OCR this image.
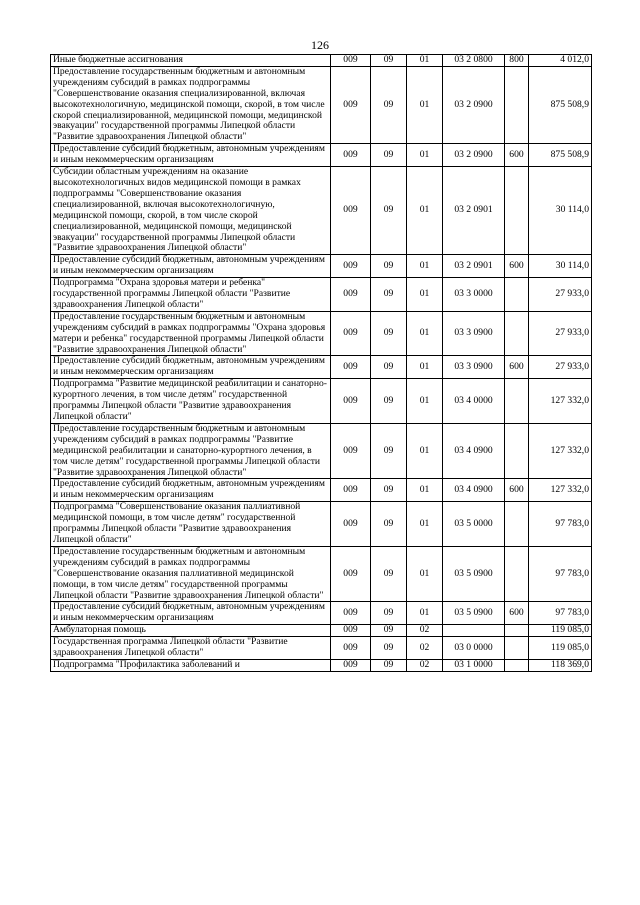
126
Иные бюджетные ассигнования	009	09	01	03 2 0800	800	4 012,0
Предоставление государственным бюджетным и автономным учреждениям субсидий в рамках подпрограммы "Совершенствование оказания специализированной, включая высокотехнологичную, медицинской помощи, скорой, в том числе скорой специализированной, медицинской помощи, медицинской эвакуации" государственной программы Липецкой области "Развитие здравоохранения Липецкой области"	009	09	01	03 2 0900		875 508,9
Предоставление субсидий бюджетным, автономным учреждениям и иным некоммерческим организациям	009	09	01	03 2 0900	600	875 508,9
Субсидии областным учреждениям на оказание высокотехнологичных видов медицинской помощи в рамках подпрограммы "Совершенствование оказания специализированной, включая высокотехнологичную, медицинской помощи, скорой, в том числе скорой специализированной, медицинской помощи, медицинской эвакуации" государственной программы Липецкой области "Развитие здравоохранения Липецкой области"	009	09	01	03 2 0901		30 114,0
Предоставление субсидий бюджетным, автономным учреждениям и иным некоммерческим организациям	009	09	01	03 2 0901	600	30 114,0
Подпрограмма "Охрана здоровья матери и ребенка" государственной программы Липецкой области "Развитие здравоохранения Липецкой области"	009	09	01	03 3 0000		27 933,0
Предоставление государственным бюджетным и автономным учреждениям субсидий в рамках подпрограммы "Охрана здоровья матери и ребенка" государственной программы Липецкой области "Развитие здравоохранения Липецкой области"	009	09	01	03 3 0900		27 933,0
Предоставление субсидий бюджетным, автономным учреждениям и иным некоммерческим организациям	009	09	01	03 3 0900	600	27 933,0
Подпрограмма "Развитие медицинской реабилитации и санаторно-курортного лечения, в том числе детям" государственной программы Липецкой области "Развитие здравоохранения Липецкой области"	009	09	01	03 4 0000		127 332,0
Предоставление государственным бюджетным и автономным учреждениям субсидий в рамках подпрограммы "Развитие медицинской реабилитации и санаторно-курортного лечения, в том числе детям" государственной программы Липецкой области "Развитие здравоохранения Липецкой области"	009	09	01	03 4 0900		127 332,0
Предоставление субсидий бюджетным, автономным учреждениям и иным некоммерческим организациям	009	09	01	03 4 0900	600	127 332,0
Подпрограмма "Совершенствование оказания паллиативной медицинской помощи, в том числе детям" государственной программы Липецкой области "Развитие здравоохранения Липецкой области"	009	09	01	03 5 0000		97 783,0
Предоставление государственным бюджетным и автономным учреждениям субсидий в рамках подпрограммы "Совершенствование оказания паллиативной медицинской помощи, в том числе детям" государственной программы Липецкой области "Развитие здравоохранения Липецкой области"	009	09	01	03 5 0900		97 783,0
Предоставление субсидий бюджетным, автономным учреждениям и иным некоммерческим организациям	009	09	01	03 5 0900	600	97 783,0
Амбулаторная помощь	009	09	02			119 085,0
Государственная программа Липецкой области "Развитие здравоохранения Липецкой области"	009	09	02	03 0 0000		119 085,0
Подпрограмма "Профилактика заболеваний и	009	09	02	03 1 0000		118 369,0
